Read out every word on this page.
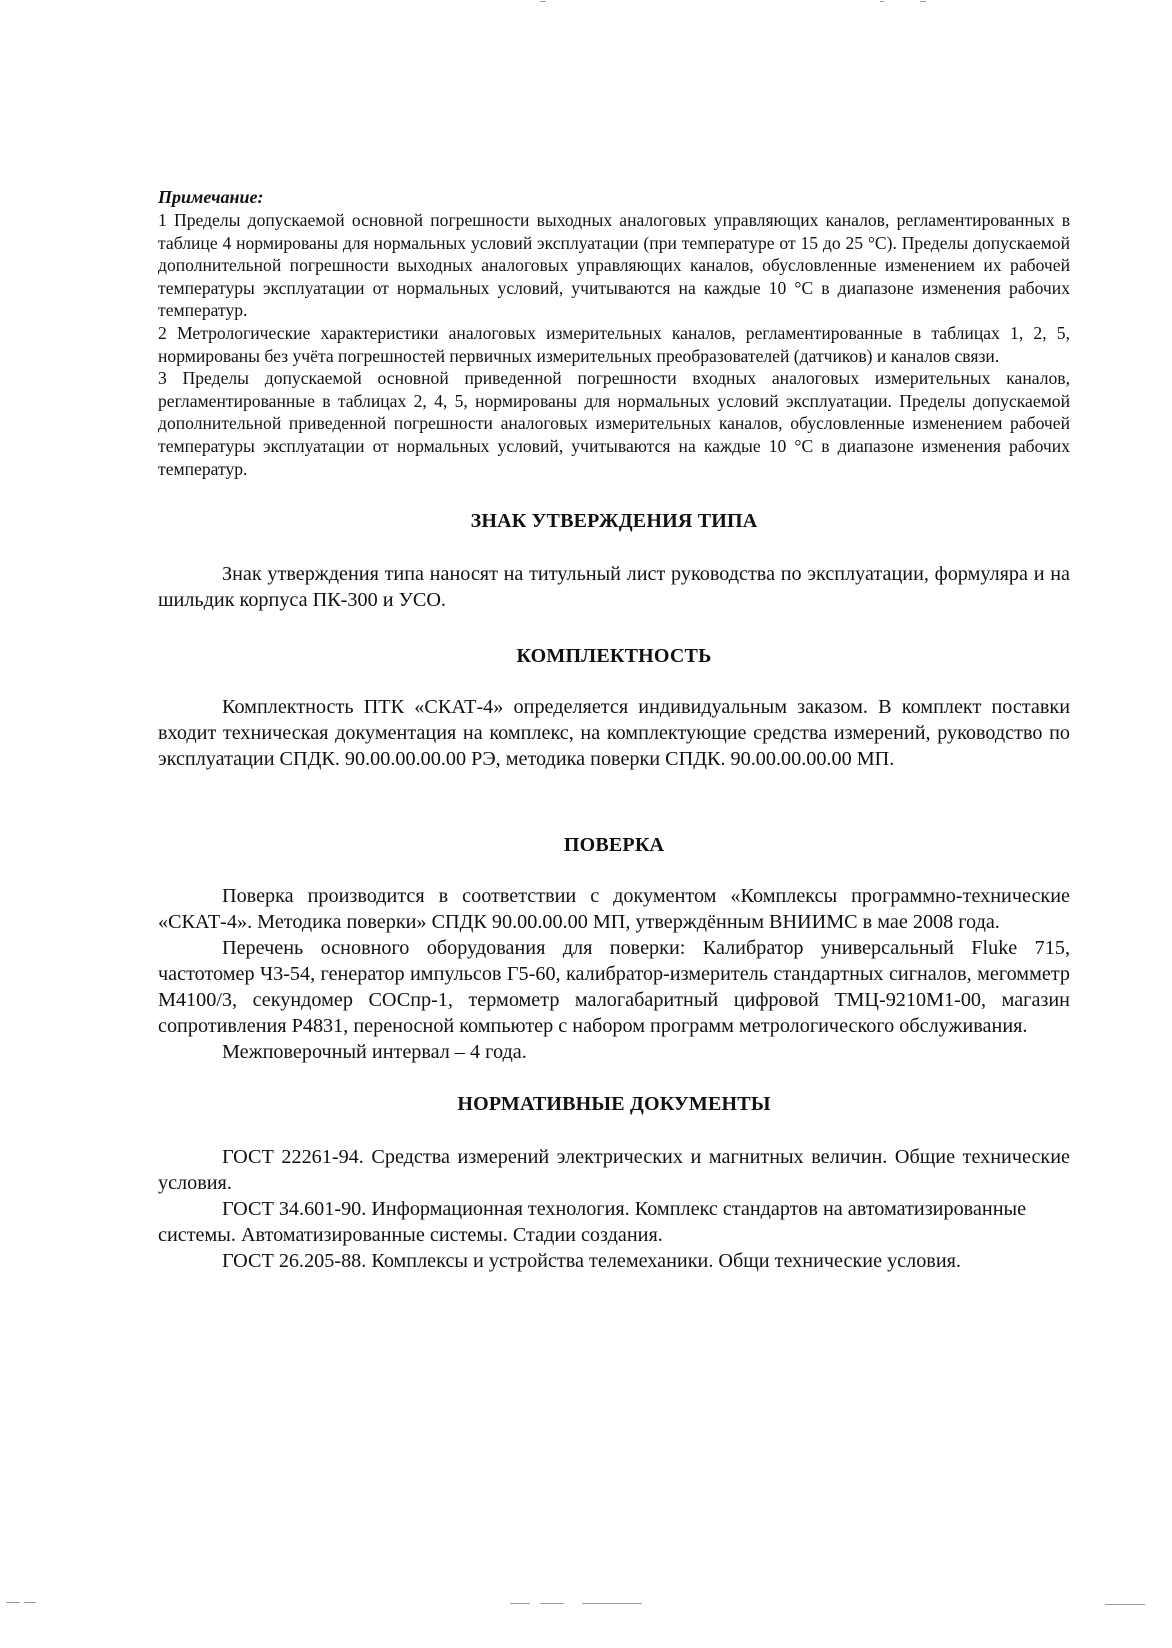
Примечание:

1 Пределы допускаемой основной погрешности выходных аналоговых управляющих каналов, регламентированных в таблице 4 нормированы для нормальных условий эксплуатации (при температуре от 15 до 25 °С). Пределы допускаемой дополнительной погрешности выходных аналоговых управляющих каналов, обусловленные изменением их рабочей температуры эксплуатации от нормальных условий, учитываются на каждые 10 °С в диапазоне изменения рабочих температур.

2 Метрологические характеристики аналоговых измерительных каналов, регламентированные в таблицах 1, 2, 5, нормированы без учёта погрешностей первичных измерительных преобразователей (датчиков) и каналов связи.

3 Пределы допускаемой основной приведенной погрешности входных аналоговых измерительных каналов, регламентированные в таблицах 2, 4, 5, нормированы для нормальных условий эксплуатации. Пределы допускаемой дополнительной приведенной погрешности аналоговых измерительных каналов, обусловленные изменением рабочей температуры эксплуатации от нормальных условий, учитываются на каждые 10 °С в диапазоне изменения рабочих температур.

ЗНАК УТВЕРЖДЕНИЯ ТИПА

Знак утверждения типа наносят на титульный лист руководства по эксплуатации, формуляра и на шильдик корпуса ПК-300 и УСО.

КОМПЛЕКТНОСТЬ

Комплектность ПТК «СКАТ-4» определяется индивидуальным заказом. В комплект поставки входит техническая документация на комплекс, на комплектующие средства измерений, руководство по эксплуатации СПДК. 90.00.00.00.00 РЭ, методика поверки СПДК. 90.00.00.00.00 МП.

ПОВЕРКА

Поверка производится в соответствии с документом «Комплексы программно-технические «СКАТ-4». Методика поверки» СПДК 90.00.00.00 МП, утверждённым ВНИИМС в мае 2008 года.

Перечень основного оборудования для поверки: Калибратор универсальный Fluke 715, частотомер Ч3-54, генератор импульсов Г5-60, калибратор-измеритель стандартных сигналов, мегомметр М4100/3, секундомер СОСпр-1, термометр малогабаритный цифровой ТМЦ-9210М1-00, магазин сопротивления Р4831, переносной компьютер с набором программ метрологического обслуживания.

Межповерочный интервал – 4 года.

НОРМАТИВНЫЕ ДОКУМЕНТЫ

ГОСТ 22261-94. Средства измерений электрических и магнитных величин. Общие технические условия.

ГОСТ 34.601-90. Информационная технология. Комплекс стандартов на автоматизированные системы. Автоматизированные системы. Стадии создания.

ГОСТ 26.205-88. Комплексы и устройства телемеханики. Общи технические условия.
